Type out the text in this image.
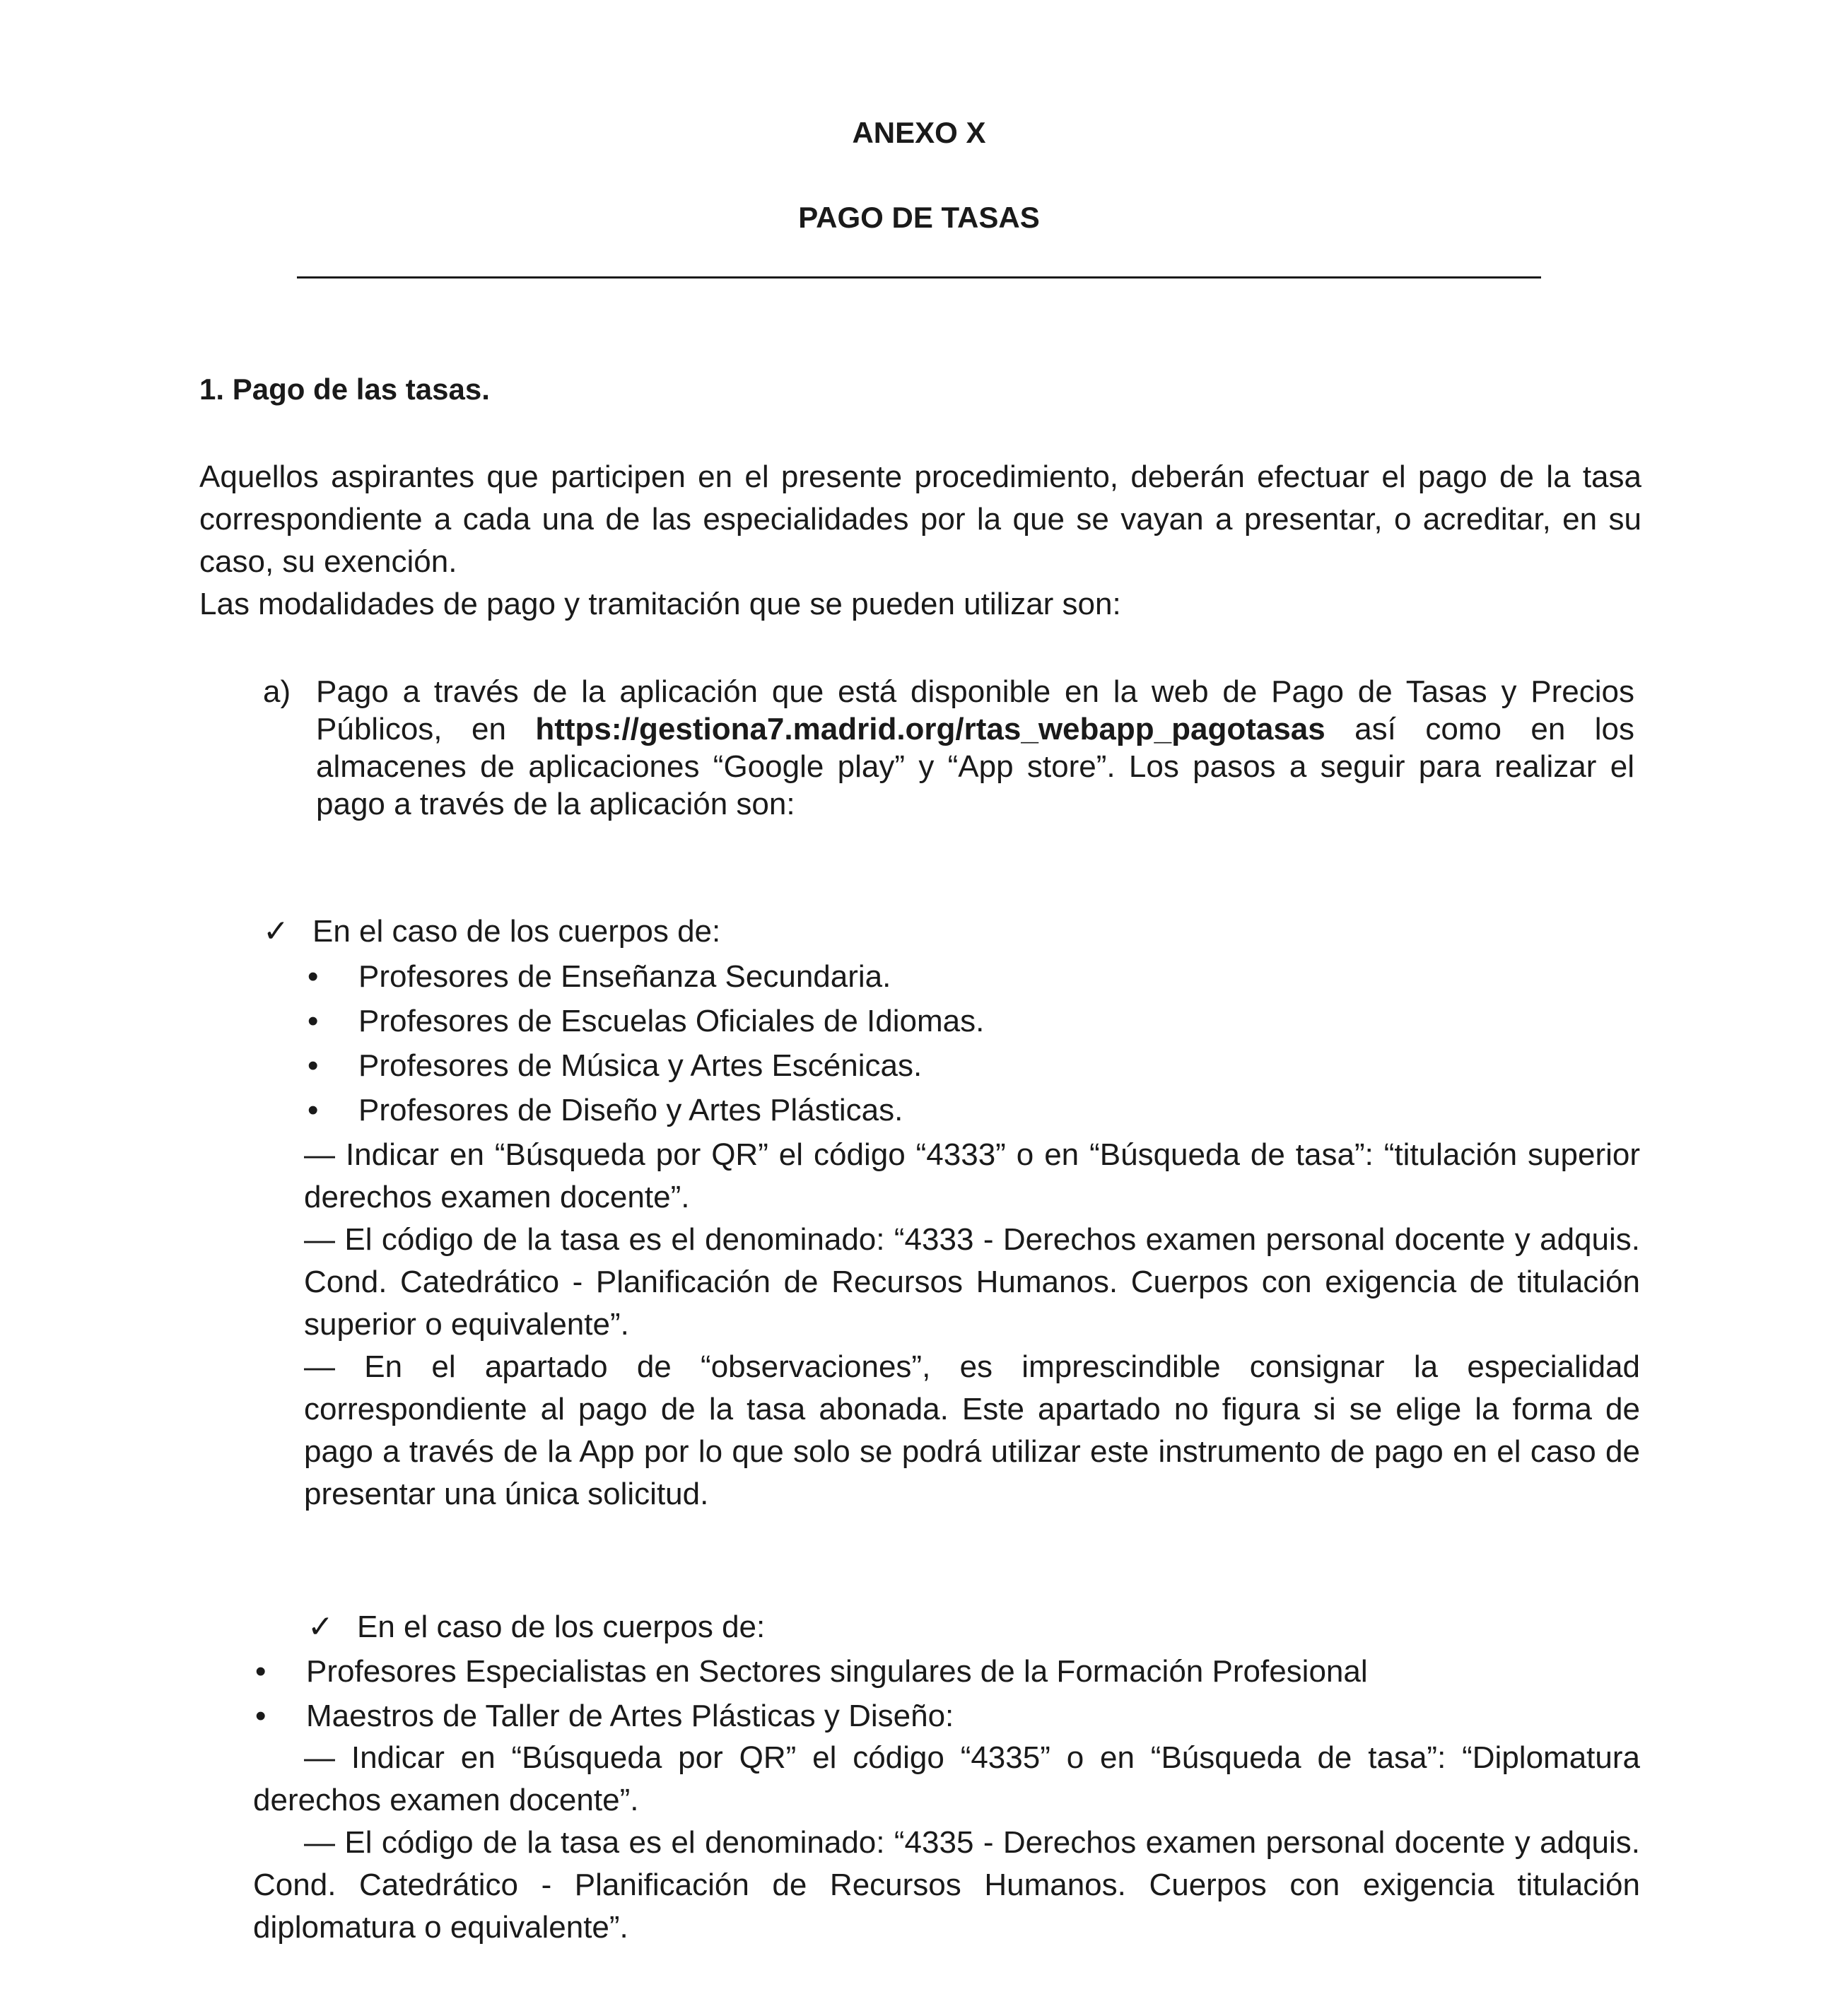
ANEXO X
PAGO DE TASAS
1. Pago de las tasas.
Aquellos aspirantes que participen en el presente procedimiento, deberán efectuar el pago de la tasa correspondiente a cada una de las especialidades por la que se vayan a presentar, o acreditar, en su caso, su exención.
Las modalidades de pago y tramitación que se pueden utilizar son:
a) Pago a través de la aplicación que está disponible en la web de Pago de Tasas y Precios Públicos, en https://gestiona7.madrid.org/rtas_webapp_pagotasas así como en los almacenes de aplicaciones “Google play” y “App store”. Los pasos a seguir para realizar el pago a través de la aplicación son:
✓ En el caso de los cuerpos de:
• Profesores de Enseñanza Secundaria.
• Profesores de Escuelas Oficiales de Idiomas.
• Profesores de Música y Artes Escénicas.
• Profesores de Diseño y Artes Plásticas.

— Indicar en “Búsqueda por QR” el código “4333” o en “Búsqueda de tasa”: “titulación superior derechos examen docente”.

— El código de la tasa es el denominado: “4333 - Derechos examen personal docente y adquis. Cond. Catedrático - Planificación de Recursos Humanos. Cuerpos con exigencia de titulación superior o equivalente”.

— En el apartado de “observaciones”, es imprescindible consignar la especialidad correspondiente al pago de la tasa abonada. Este apartado no figura si se elige la forma de pago a través de la App por lo que solo se podrá utilizar este instrumento de pago en el caso de presentar una única solicitud.

✓ En el caso de los cuerpos de:
• Profesores Especialistas en Sectores singulares de la Formación Profesional
• Maestros de Taller de Artes Plásticas y Diseño:

— Indicar en “Búsqueda por QR” el código “4335” o en “Búsqueda de tasa”: “Diplomatura derechos examen docente”.

— El código de la tasa es el denominado: “4335 - Derechos examen personal docente y adquis. Cond. Catedrático - Planificación de Recursos Humanos. Cuerpos con exigencia titulación diplomatura o equivalente”.
